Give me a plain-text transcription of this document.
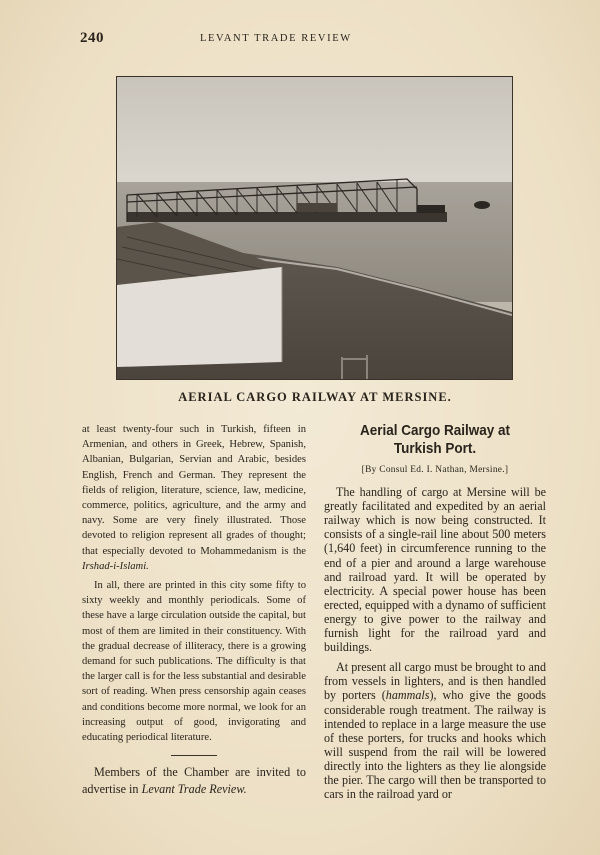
240	LEVANT TRADE REVIEW
AERIAL CARGO RAILWAY AT MERSINE.

at least twenty-four such in Turkish, fifteen in Armenian, and others in Greek, Hebrew, Spanish, Albanian, Bulgarian, Servian and Arabic, besides English, French and German. They represent the fields of religion, literature, science, law, medicine, commerce, politics, agriculture, and the army and navy. Some are very finely illustrated. Those devoted to religion represent all grades of thought; that especially devoted to Mohammedanism is the Irshad-i-Islami.

In all, there are printed in this city some fifty to sixty weekly and monthly periodicals. Some of these have a large circulation outside the capital, but most of them are limited in their constituency. With the gradual decrease of illiteracy, there is a growing demand for such publications. The difficulty is that the larger call is for the less substantial and desirable sort of reading. When press censorship again ceases and conditions become more normal, we look for an increasing output of good, invigorating and educating periodical literature.

Members of the Chamber are invited to advertise in Levant Trade Review.

Aerial Cargo Railway at Turkish Port.
[By Consul Ed. I. Nathan, Mersine.]

The handling of cargo at Mersine will be greatly facilitated and expedited by an aerial railway which is now being constructed. It consists of a single-rail line about 500 meters (1,640 feet) in circumference running to the end of a pier and around a large warehouse and railroad yard. It will be operated by electricity. A special power house has been erected, equipped with a dynamo of sufficient energy to give power to the railway and furnish light for the railroad yard and buildings.

At present all cargo must be brought to and from vessels in lighters, and is then handled by porters (hammals), who give the goods considerable rough treatment. The railway is intended to replace in a large measure the use of these porters, for trucks and hooks which will suspend from the rail will be lowered directly into the lighters as they lie alongside the pier. The cargo will then be transported to cars in the railroad yard or
